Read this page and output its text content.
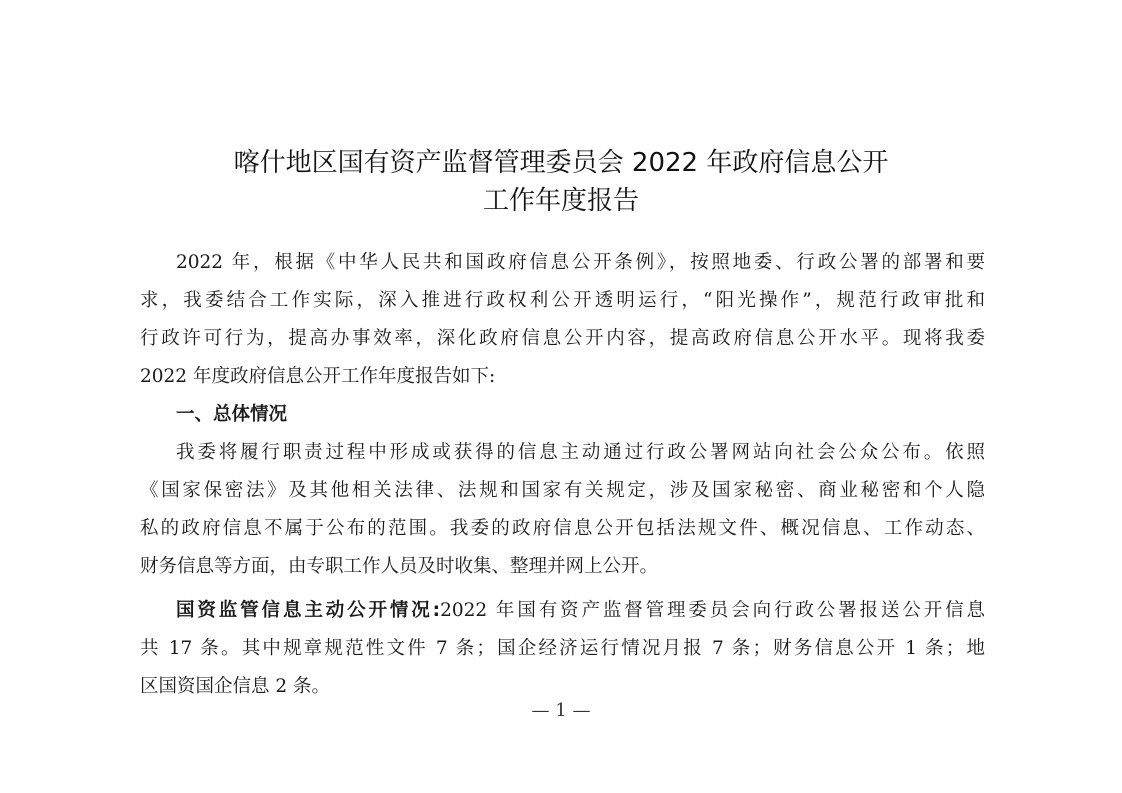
喀什地区国有资产监督管理委员会 2022 年政府信息公开
工作年度报告
2022 年，根据《中华人民共和国政府信息公开条例》，按照地委、行政公署的部署和要
求，我委结合工作实际，深入推进行政权利公开透明运行，“阳光操作”，规范行政审批和
行政许可行为，提高办事效率，深化政府信息公开内容，提高政府信息公开水平。现将我委
2022 年度政府信息公开工作年度报告如下:
一、总体情况
我委将履行职责过程中形成或获得的信息主动通过行政公署网站向社会公众公布。依照
《国家保密法》及其他相关法律、法规和国家有关规定，涉及国家秘密、商业秘密和个人隐
私的政府信息不属于公布的范围。我委的政府信息公开包括法规文件、概况信息、工作动态、
财务信息等方面，由专职工作人员及时收集、整理并网上公开。
国资监管信息主动公开情况:2022 年国有资产监督管理委员会向行政公署报送公开信息
共 17 条。其中规章规范性文件 7 条；国企经济运行情况月报 7 条；财务信息公开 1 条；地
区国资国企信息 2 条。
— 1 —
